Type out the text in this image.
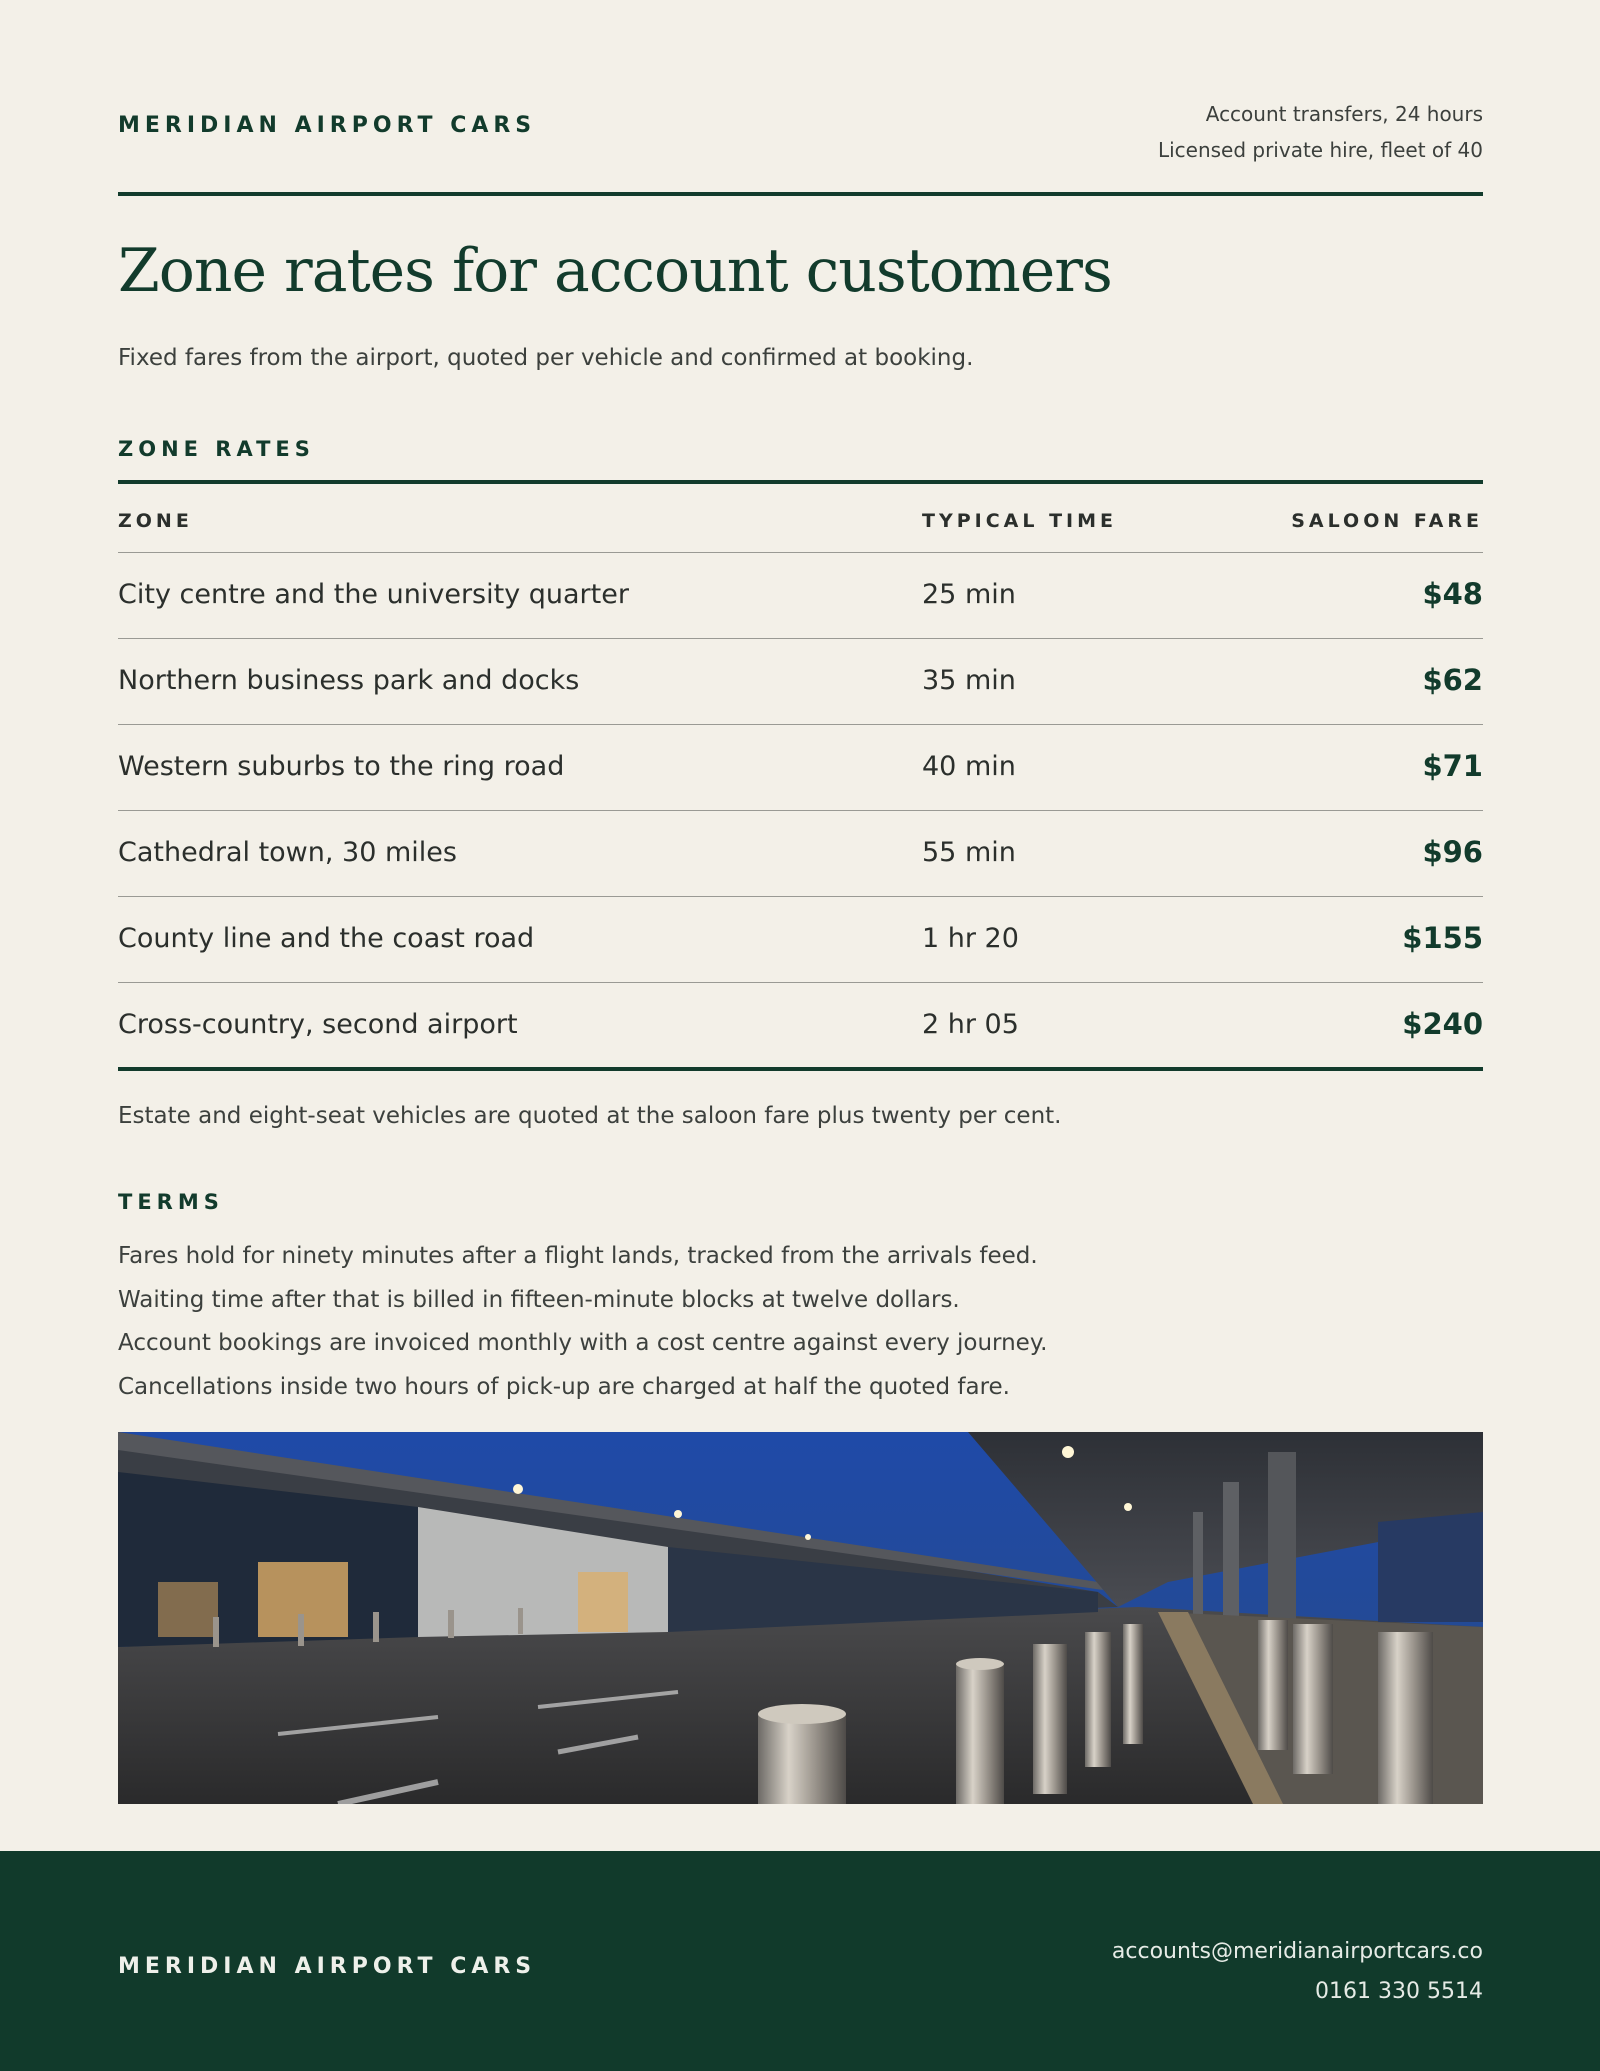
MERIDIAN AIRPORT CARS	Account transfers, 24 hours
Licensed private hire, fleet of 40
Zone rates for account customers
Fixed fares from the airport, quoted per vehicle and confirmed at booking.
ZONE RATES
ZONE	TYPICAL TIME	SALOON FARE
City centre and the university quarter	25 min	$48
Northern business park and docks	35 min	$62
Western suburbs to the ring road	40 min	$71
Cathedral town, 30 miles	55 min	$96
County line and the coast road	1 hr 20	$155
Cross-country, second airport	2 hr 05	$240
Estate and eight-seat vehicles are quoted at the saloon fare plus twenty per cent.
TERMS
Fares hold for ninety minutes after a flight lands, tracked from the arrivals feed.
Waiting time after that is billed in fifteen-minute blocks at twelve dollars.
Account bookings are invoiced monthly with a cost centre against every journey.
Cancellations inside two hours of pick-up are charged at half the quoted fare.
MERIDIAN AIRPORT CARS
accounts@meridianairportcars.co
0161 330 5514
